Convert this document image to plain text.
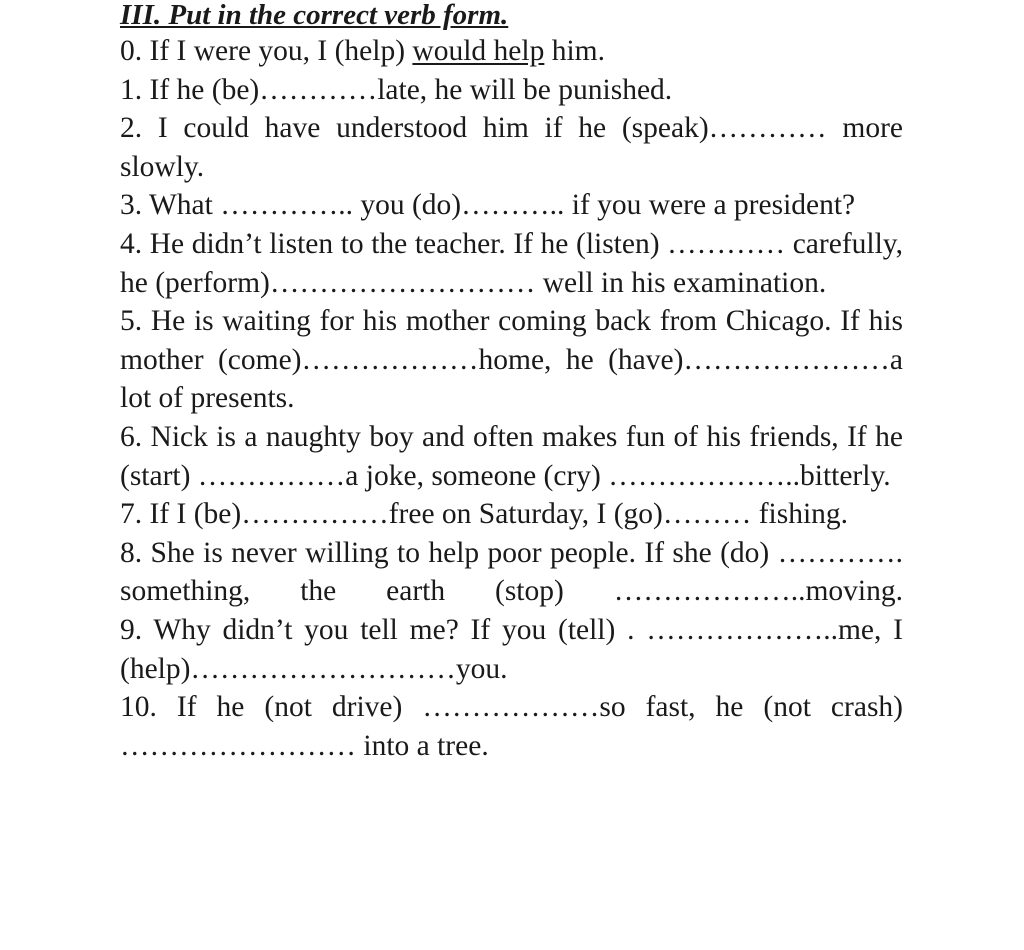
III. Put in the correct verb form.

0. If I were you, I (help) would help him.

1. If he (be)…………late, he will be punished.

2. I could have understood him if he (speak)………… more slowly.

3. What ………….. you (do)……….. if you were a president?

4. He didn’t listen to the teacher. If he (listen) ………… carefully, he (perform)……………………… well in his examination.

5. He is waiting for his mother coming back from Chicago. If his mother (come)………………home, he (have)…………………a lot of presents.

6. Nick is a naughty boy and often makes fun of his friends, If he (start) ……………a joke, someone (cry) ………………..bitterly.

7. If I (be)……………free on Saturday, I (go)……… fishing.

8. She is never willing to help poor people. If she (do) …………. something, the earth (stop) ………………..moving.

9. Why didn’t you tell me? If you (tell) . ………………..me, I (help)………………………you.

10. If he (not drive) ………………so fast, he (not crash) …………………… into a tree.
